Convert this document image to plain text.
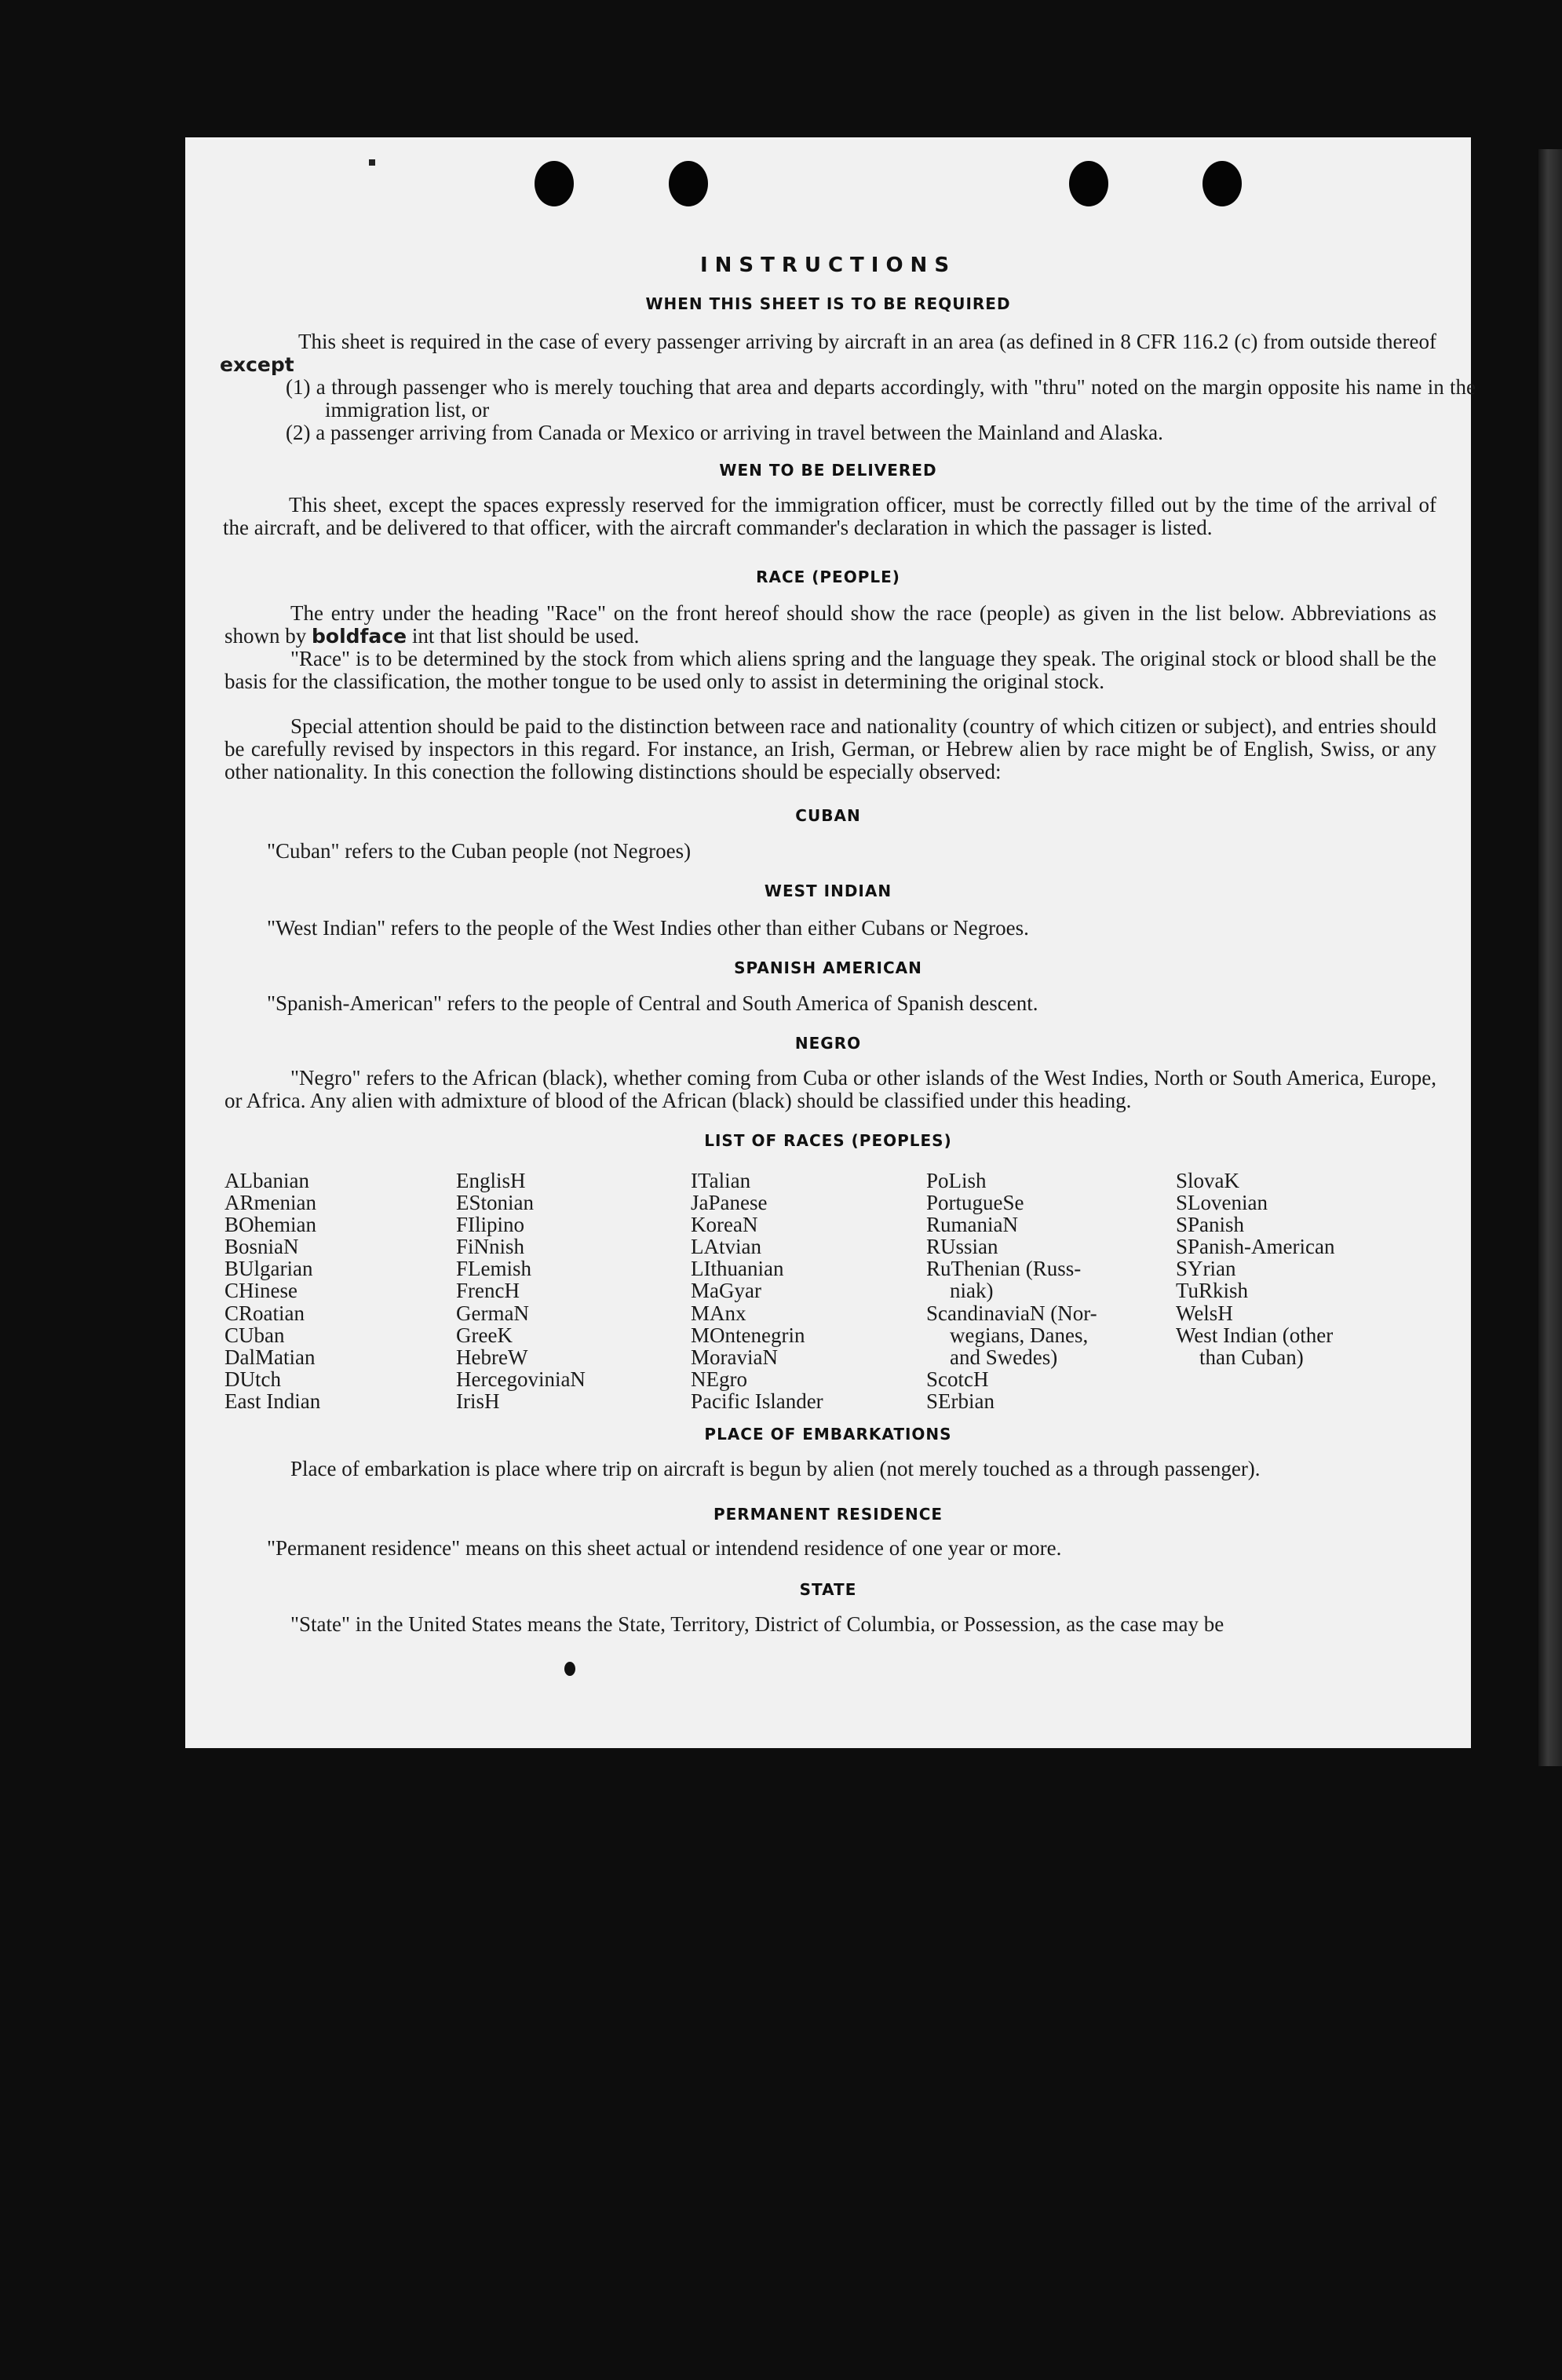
INSTRUCTIONS
WHEN THIS SHEET IS TO BE REQUIRED
This sheet is required in the case of every passenger arriving by aircraft in an area (as defined in 8 CFR 116.2 (c) from outside thereof except
(1) a through passenger who is merely touching that area and departs accordingly, with "thru" noted on the margin opposite his name in the immigration list, or
(2) a passenger arriving from Canada or Mexico or arriving in travel between the Mainland and Alaska.
WEN TO BE DELIVERED
This sheet, except the spaces expressly reserved for the immigration officer, must be correctly filled out by the time of the arrival of the aircraft, and be delivered to that officer, with the aircraft commander's declaration in which the passager is listed.
RACE (PEOPLE)
The entry under the heading "Race" on the front hereof should show the race (people) as given in the list below. Abbreviations as shown by boldface int that list should be used.
"Race" is to be determined by the stock from which aliens spring and the language they speak. The original stock or blood shall be the basis for the classification, the mother tongue to be used only to assist in determining the original stock.
Special attention should be paid to the distinction between race and nationality (country of which citizen or subject), and entries should be carefully revised by inspectors in this regard. For instance, an Irish, German, or Hebrew alien by race might be of English, Swiss, or any other nationality. In this conection the following distinctions should be especially observed:
CUBAN
"Cuban" refers to the Cuban people (not Negroes)
WEST INDIAN
"West Indian" refers to the people of the West Indies other than either Cubans or Negroes.
SPANISH AMERICAN
"Spanish-American" refers to the people of Central and South America of Spanish descent.
NEGRO
"Negro" refers to the African (black), whether coming from Cuba or other islands of the West Indies, North or South America, Europe, or Africa. Any alien with admixture of blood of the African (black) should be classified under this heading.
LIST OF RACES (PEOPLES)
ALbanian
ARmenian
BOhemian
BosniaN
BUlgarian
CHinese
CRoatian
CUban
DalMatian
DUtch
East Indian
EnglisH
EStonian
FIlipino
FiNnish
FLemish
FrencH
GermaN
GreeK
HebreW
HercegoviniaN
IrisH
ITalian
JaPanese
KoreaN
LAtvian
LIthuanian
MaGyar
MAnx
MOntenegrin
MoraviaN
NEgro
Pacific Islander
PoLish
PortugueSe
RumaniaN
RUssian
RuThenian (Russ-
niak)
ScandinaviaN (Nor-
wegians, Danes,
and Swedes)
ScotcH
SErbian
SlovaK
SLovenian
SPanish
SPanish-American
SYrian
TuRkish
WelsH
West Indian (other
than Cuban)
PLACE OF EMBARKATIONS
Place of embarkation is place where trip on aircraft is begun by alien (not merely touched as a through passenger).
PERMANENT RESIDENCE
"Permanent residence" means on this sheet actual or intendend residence of one year or more.
STATE
"State" in the United States means the State, Territory, District of Columbia, or Possession, as the case may be
